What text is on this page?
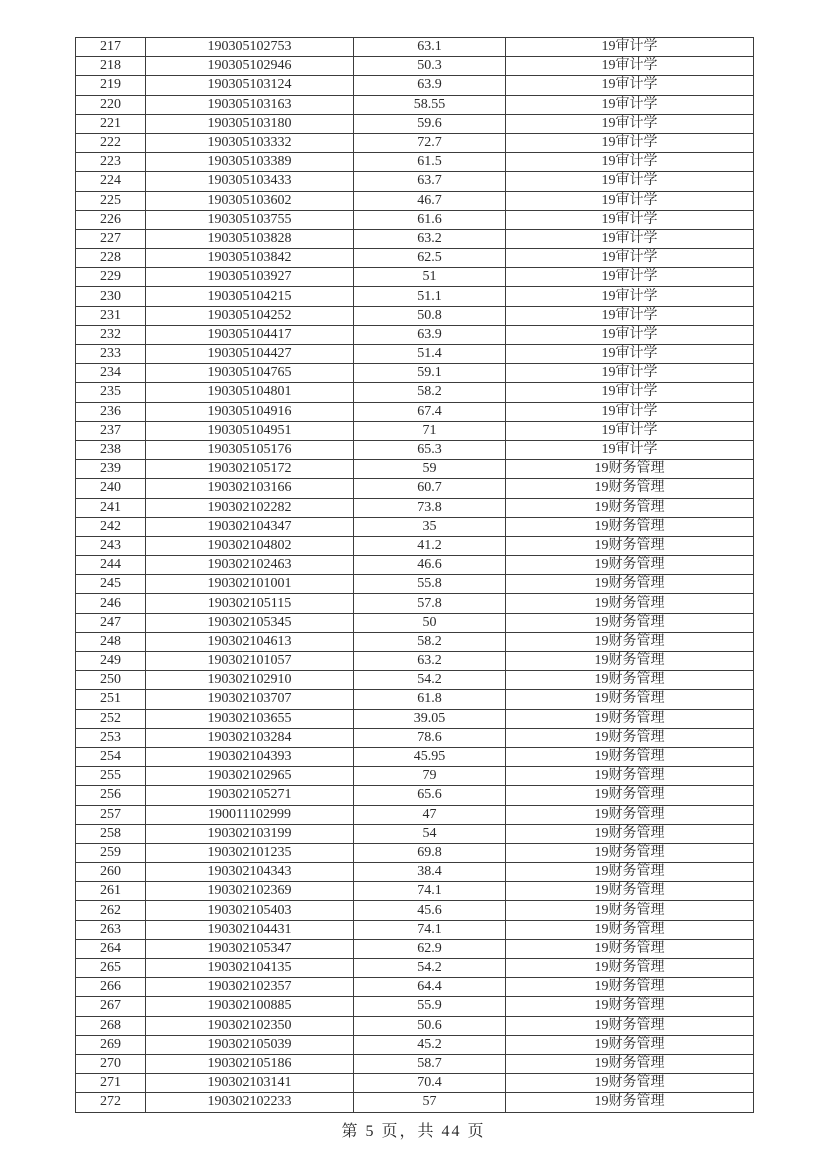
217	190305102753	63.1	19审计学
218	190305102946	50.3	19审计学
219	190305103124	63.9	19审计学
220	190305103163	58.55	19审计学
221	190305103180	59.6	19审计学
222	190305103332	72.7	19审计学
223	190305103389	61.5	19审计学
224	190305103433	63.7	19审计学
225	190305103602	46.7	19审计学
226	190305103755	61.6	19审计学
227	190305103828	63.2	19审计学
228	190305103842	62.5	19审计学
229	190305103927	51	19审计学
230	190305104215	51.1	19审计学
231	190305104252	50.8	19审计学
232	190305104417	63.9	19审计学
233	190305104427	51.4	19审计学
234	190305104765	59.1	19审计学
235	190305104801	58.2	19审计学
236	190305104916	67.4	19审计学
237	190305104951	71	19审计学
238	190305105176	65.3	19审计学
239	190302105172	59	19财务管理
240	190302103166	60.7	19财务管理
241	190302102282	73.8	19财务管理
242	190302104347	35	19财务管理
243	190302104802	41.2	19财务管理
244	190302102463	46.6	19财务管理
245	190302101001	55.8	19财务管理
246	190302105115	57.8	19财务管理
247	190302105345	50	19财务管理
248	190302104613	58.2	19财务管理
249	190302101057	63.2	19财务管理
250	190302102910	54.2	19财务管理
251	190302103707	61.8	19财务管理
252	190302103655	39.05	19财务管理
253	190302103284	78.6	19财务管理
254	190302104393	45.95	19财务管理
255	190302102965	79	19财务管理
256	190302105271	65.6	19财务管理
257	190011102999	47	19财务管理
258	190302103199	54	19财务管理
259	190302101235	69.8	19财务管理
260	190302104343	38.4	19财务管理
261	190302102369	74.1	19财务管理
262	190302105403	45.6	19财务管理
263	190302104431	74.1	19财务管理
264	190302105347	62.9	19财务管理
265	190302104135	54.2	19财务管理
266	190302102357	64.4	19财务管理
267	190302100885	55.9	19财务管理
268	190302102350	50.6	19财务管理
269	190302105039	45.2	19财务管理
270	190302105186	58.7	19财务管理
271	190302103141	70.4	19财务管理
272	190302102233	57	19财务管理
第 5 页，共 44 页
